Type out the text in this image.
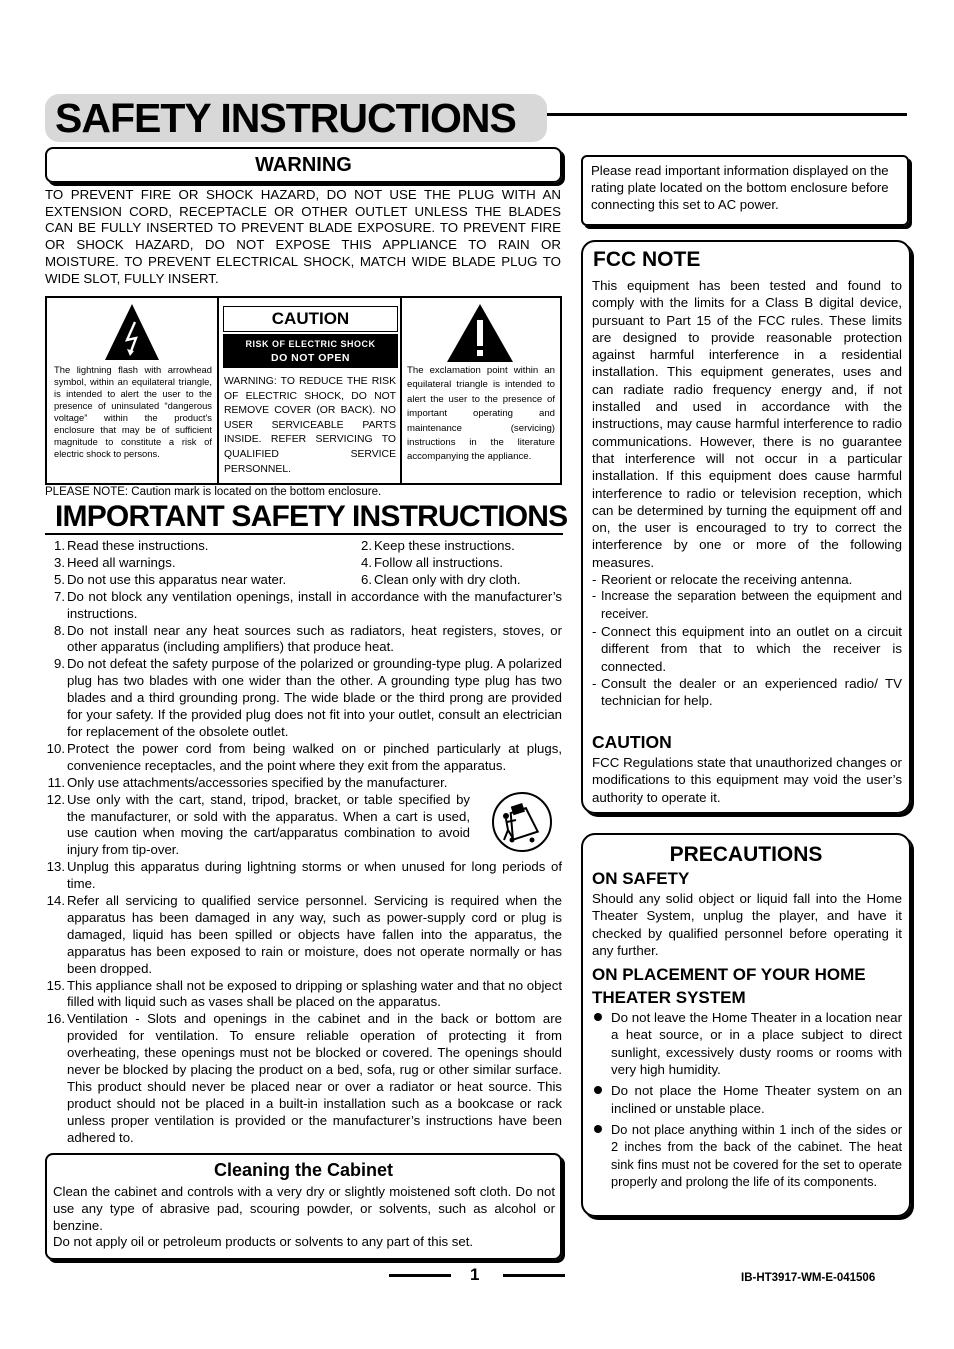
SAFETY INSTRUCTIONS
WARNING
TO PREVENT FIRE OR SHOCK HAZARD, DO NOT USE THE PLUG WITH AN EXTENSION CORD, RECEPTACLE OR OTHER OUTLET UNLESS THE BLADES CAN BE FULLY INSERTED TO PREVENT BLADE EXPOSURE. TO PREVENT FIRE OR SHOCK HAZARD, DO NOT EXPOSE THIS APPLIANCE TO RAIN OR MOISTURE. TO PREVENT ELECTRICAL SHOCK, MATCH WIDE BLADE PLUG TO WIDE SLOT, FULLY INSERT.
The lightning flash with arrowhead symbol, within an equilateral triangle, is intended to alert the user to the presence of uninsulated “dangerous voltage” within the product's enclosure that may be of sufficient magnitude to constitute a risk of electric shock to persons.
CAUTION
RISK OF ELECTRIC SHOCK
DO NOT OPEN
WARNING: TO REDUCE THE RISK OF ELECTRIC SHOCK, DO NOT REMOVE COVER (OR BACK). NO USER SERVICEABLE PARTS INSIDE. REFER SERVICING TO QUALIFIED SERVICE PERSONNEL.
The exclamation point within an equilateral triangle is intended to alert the user to the presence of important operating and maintenance (servicing) instructions in the literature accompanying the appliance.
PLEASE NOTE: Caution mark is located on the bottom enclosure.
IMPORTANT SAFETY INSTRUCTIONS
1. Read these instructions.	2. Keep these instructions.
3. Heed all warnings.	4. Follow all instructions.
5. Do not use this apparatus near water.	6. Clean only with dry cloth.
7. Do not block any ventilation openings, install in accordance with the manufacturer’s instructions.
8. Do not install near any heat sources such as radiators, heat registers, stoves, or other apparatus (including amplifiers) that produce heat.
9. Do not defeat the safety purpose of the polarized or grounding-type plug. A polarized plug has two blades with one wider than the other. A grounding type plug has two blades and a third grounding prong. The wide blade or the third prong are provided for your safety. If the provided plug does not fit into your outlet, consult an electrician for replacement of the obsolete outlet.
10. Protect the power cord from being walked on or pinched particularly at plugs, convenience receptacles, and the point where they exit from the apparatus.
11. Only use attachments/accessories specified by the manufacturer.
12. Use only with the cart, stand, tripod, bracket, or table specified by the manufacturer, or sold with the apparatus. When a cart is used, use caution when moving the cart/apparatus combination to avoid injury from tip-over.
13. Unplug this apparatus during lightning storms or when unused for long periods of time.
14. Refer all servicing to qualified service personnel. Servicing is required when the apparatus has been damaged in any way, such as power-supply cord or plug is damaged, liquid has been spilled or objects have fallen into the apparatus, the apparatus has been exposed to rain or moisture, does not operate normally or has been dropped.
15. This appliance shall not be exposed to dripping or splashing water and that no object filled with liquid such as vases shall be placed on the apparatus.
16. Ventilation - Slots and openings in the cabinet and in the back or bottom are provided for ventilation. To ensure reliable operation of protecting it from overheating, these openings must not be blocked or covered. The openings should never be blocked by placing the product on a bed, sofa, rug or other similar surface. This product should never be placed near or over a radiator or heat source. This product should not be placed in a built-in installation such as a bookcase or rack unless proper ventilation is provided or the manufacturer’s instructions have been adhered to.
Cleaning the Cabinet
Clean the cabinet and controls with a very dry or slightly moistened soft cloth. Do not use any type of abrasive pad, scouring powder, or solvents, such as alcohol or benzine.
Do not apply oil or petroleum products or solvents to any part of this set.
1	IB-HT3917-WM-E-041506
Please read important information displayed on the rating plate located on the bottom enclosure before connecting this set to AC power.
FCC NOTE
This equipment has been tested and found to comply with the limits for a Class B digital device, pursuant to Part 15 of the FCC rules. These limits are designed to provide reasonable protection against harmful interference in a residential installation. This equipment generates, uses and can radiate radio frequency energy and, if not installed and used in accordance with the instructions, may cause harmful interference to radio communications. However, there is no guarantee that interference will not occur in a particular installation. If this equipment does cause harmful interference to radio or television reception, which can be determined by turning the equipment off and on, the user is encouraged to try to correct the interference by one or more of the following measures.
- Reorient or relocate the receiving antenna.
- Increase the separation between the equipment and receiver.
- Connect this equipment into an outlet on a circuit different from that to which the receiver is connected.
- Consult the dealer or an experienced radio/ TV technician for help.
CAUTION
FCC Regulations state that unauthorized changes or modifications to this equipment may void the user’s authority to operate it.
PRECAUTIONS
ON SAFETY
Should any solid object or liquid fall into the Home Theater System, unplug the player, and have it checked by qualified personnel before operating it any further.
ON PLACEMENT OF YOUR HOME THEATER SYSTEM
Do not leave the Home Theater in a location near a heat source, or in a place subject to direct sunlight, excessively dusty rooms or rooms with very high humidity.
Do not place the Home Theater system on an inclined or unstable place.
Do not place anything within 1 inch of the sides or 2 inches from the back of the cabinet. The heat sink fins must not be covered for the set to operate properly and prolong the life of its components.
